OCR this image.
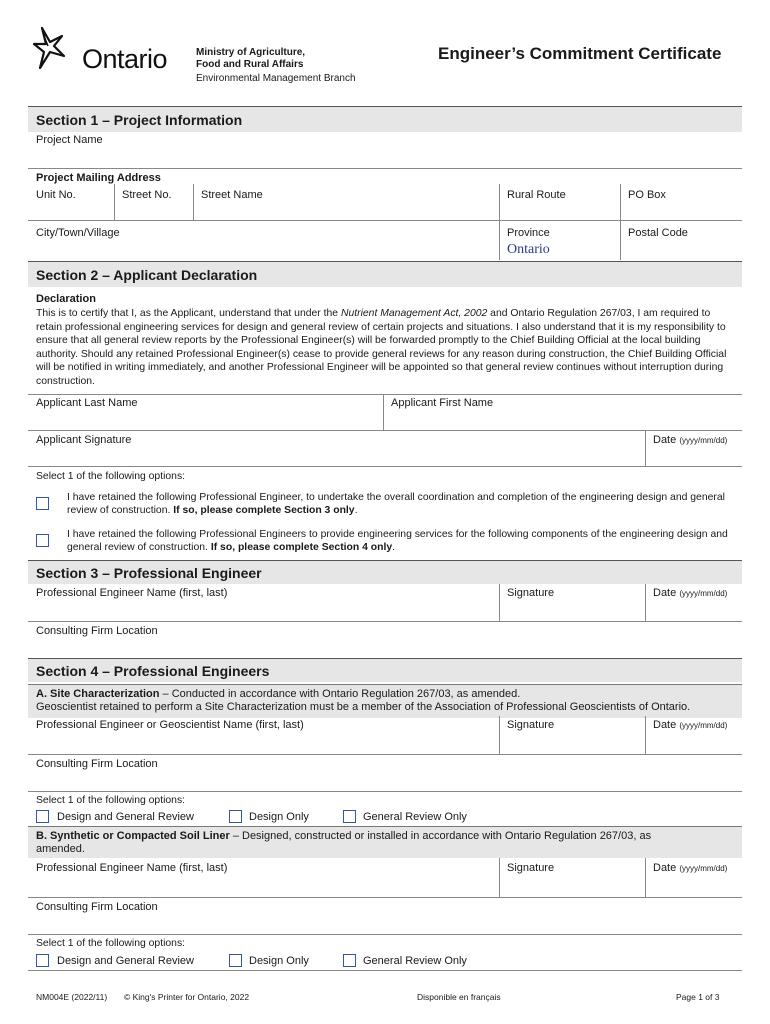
Ontario	Ministry of Agriculture,
Food and Rural Affairs
Environmental Management Branch
Engineer’s Commitment Certificate
Section 1 – Project Information
Project Name
Project Mailing Address
Unit No.	Street No.	Street Name	Rural Route	PO Box
City/Town/Village	Province	Postal Code
Ontario
Section 2 – Applicant Declaration
Declaration
This is to certify that I, as the Applicant, understand that under the Nutrient Management Act, 2002 and Ontario Regulation 267/03, I am required to retain professional engineering services for design and general review of certain projects and situations. I also understand that it is my responsibility to ensure that all general review reports by the Professional Engineer(s) will be forwarded promptly to the Chief Building Official at the local building authority. Should any retained Professional Engineer(s) cease to provide general reviews for any reason during construction, the Chief Building Official will be notified in writing immediately, and another Professional Engineer will be appointed so that general review continues without interruption during construction.
Applicant Last Name	Applicant First Name
Applicant Signature	Date (yyyy/mm/dd)
Select 1 of the following options:
I have retained the following Professional Engineer, to undertake the overall coordination and completion of the engineering design and general review of construction. If so, please complete Section 3 only.
I have retained the following Professional Engineers to provide engineering services for the following components of the engineering design and general review of construction. If so, please complete Section 4 only.
Section 3 – Professional Engineer
Professional Engineer Name (first, last)	Signature	Date (yyyy/mm/dd)
Consulting Firm Location
Section 4 – Professional Engineers
A. Site Characterization – Conducted in accordance with Ontario Regulation 267/03, as amended.
Geoscientist retained to perform a Site Characterization must be a member of the Association of Professional Geoscientists of Ontario.
Professional Engineer or Geoscientist Name (first, last)	Signature	Date (yyyy/mm/dd)
Consulting Firm Location
Select 1 of the following options:
Design and General Review	Design Only	General Review Only
B. Synthetic or Compacted Soil Liner – Designed, constructed or installed in accordance with Ontario Regulation 267/03, as
amended.
Professional Engineer Name (first, last)	Signature	Date (yyyy/mm/dd)
Consulting Firm Location
Select 1 of the following options:
Design and General Review	Design Only	General Review Only
NM004E (2022/11) © King's Printer for Ontario, 2022	Disponible en français	Page 1 of 3
